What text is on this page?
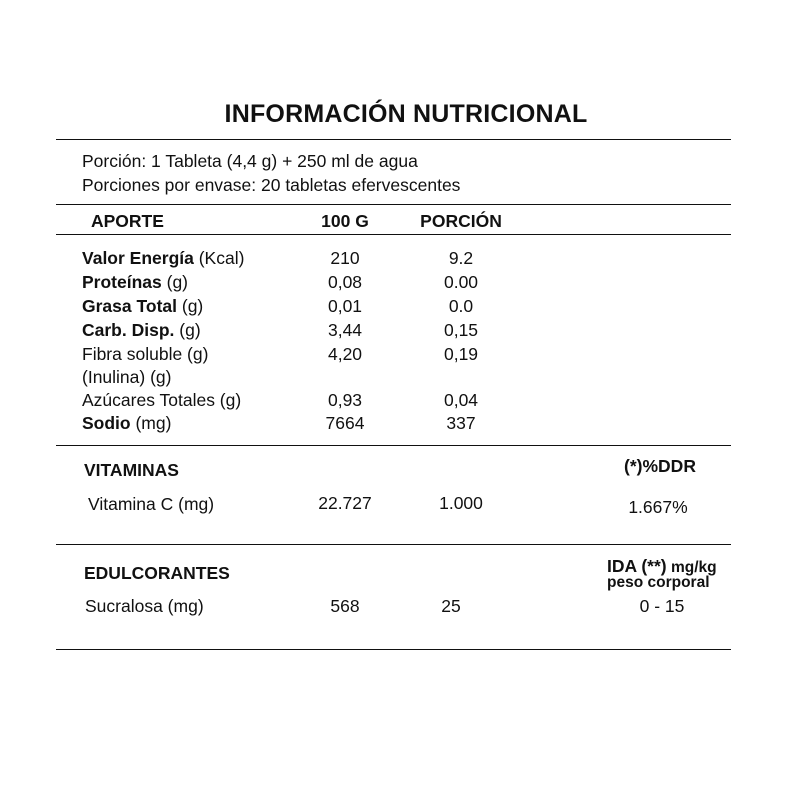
INFORMACIÓN NUTRICIONAL
Porción: 1 Tableta (4,4 g) + 250 ml de agua
Porciones por envase: 20 tabletas efervescentes
APORTE	100 G	PORCIÓN
Valor Energía (Kcal)	210	9.2
Proteínas (g)	0,08	0.00
Grasa Total (g)	0,01	0.0
Carb. Disp. (g)	3,44	0,15
Fibra soluble (g)	4,20	0,19
(Inulina) (g)
Azúcares Totales (g)	0,93	0,04
Sodio (mg)	7664	337
VITAMINAS	(*)%DDR
Vitamina C (mg)	22.727	1.000	1.667%
EDULCORANTES	IDA (**) mg/kg
peso corporal
Sucralosa (mg)	568	25	0 - 15
